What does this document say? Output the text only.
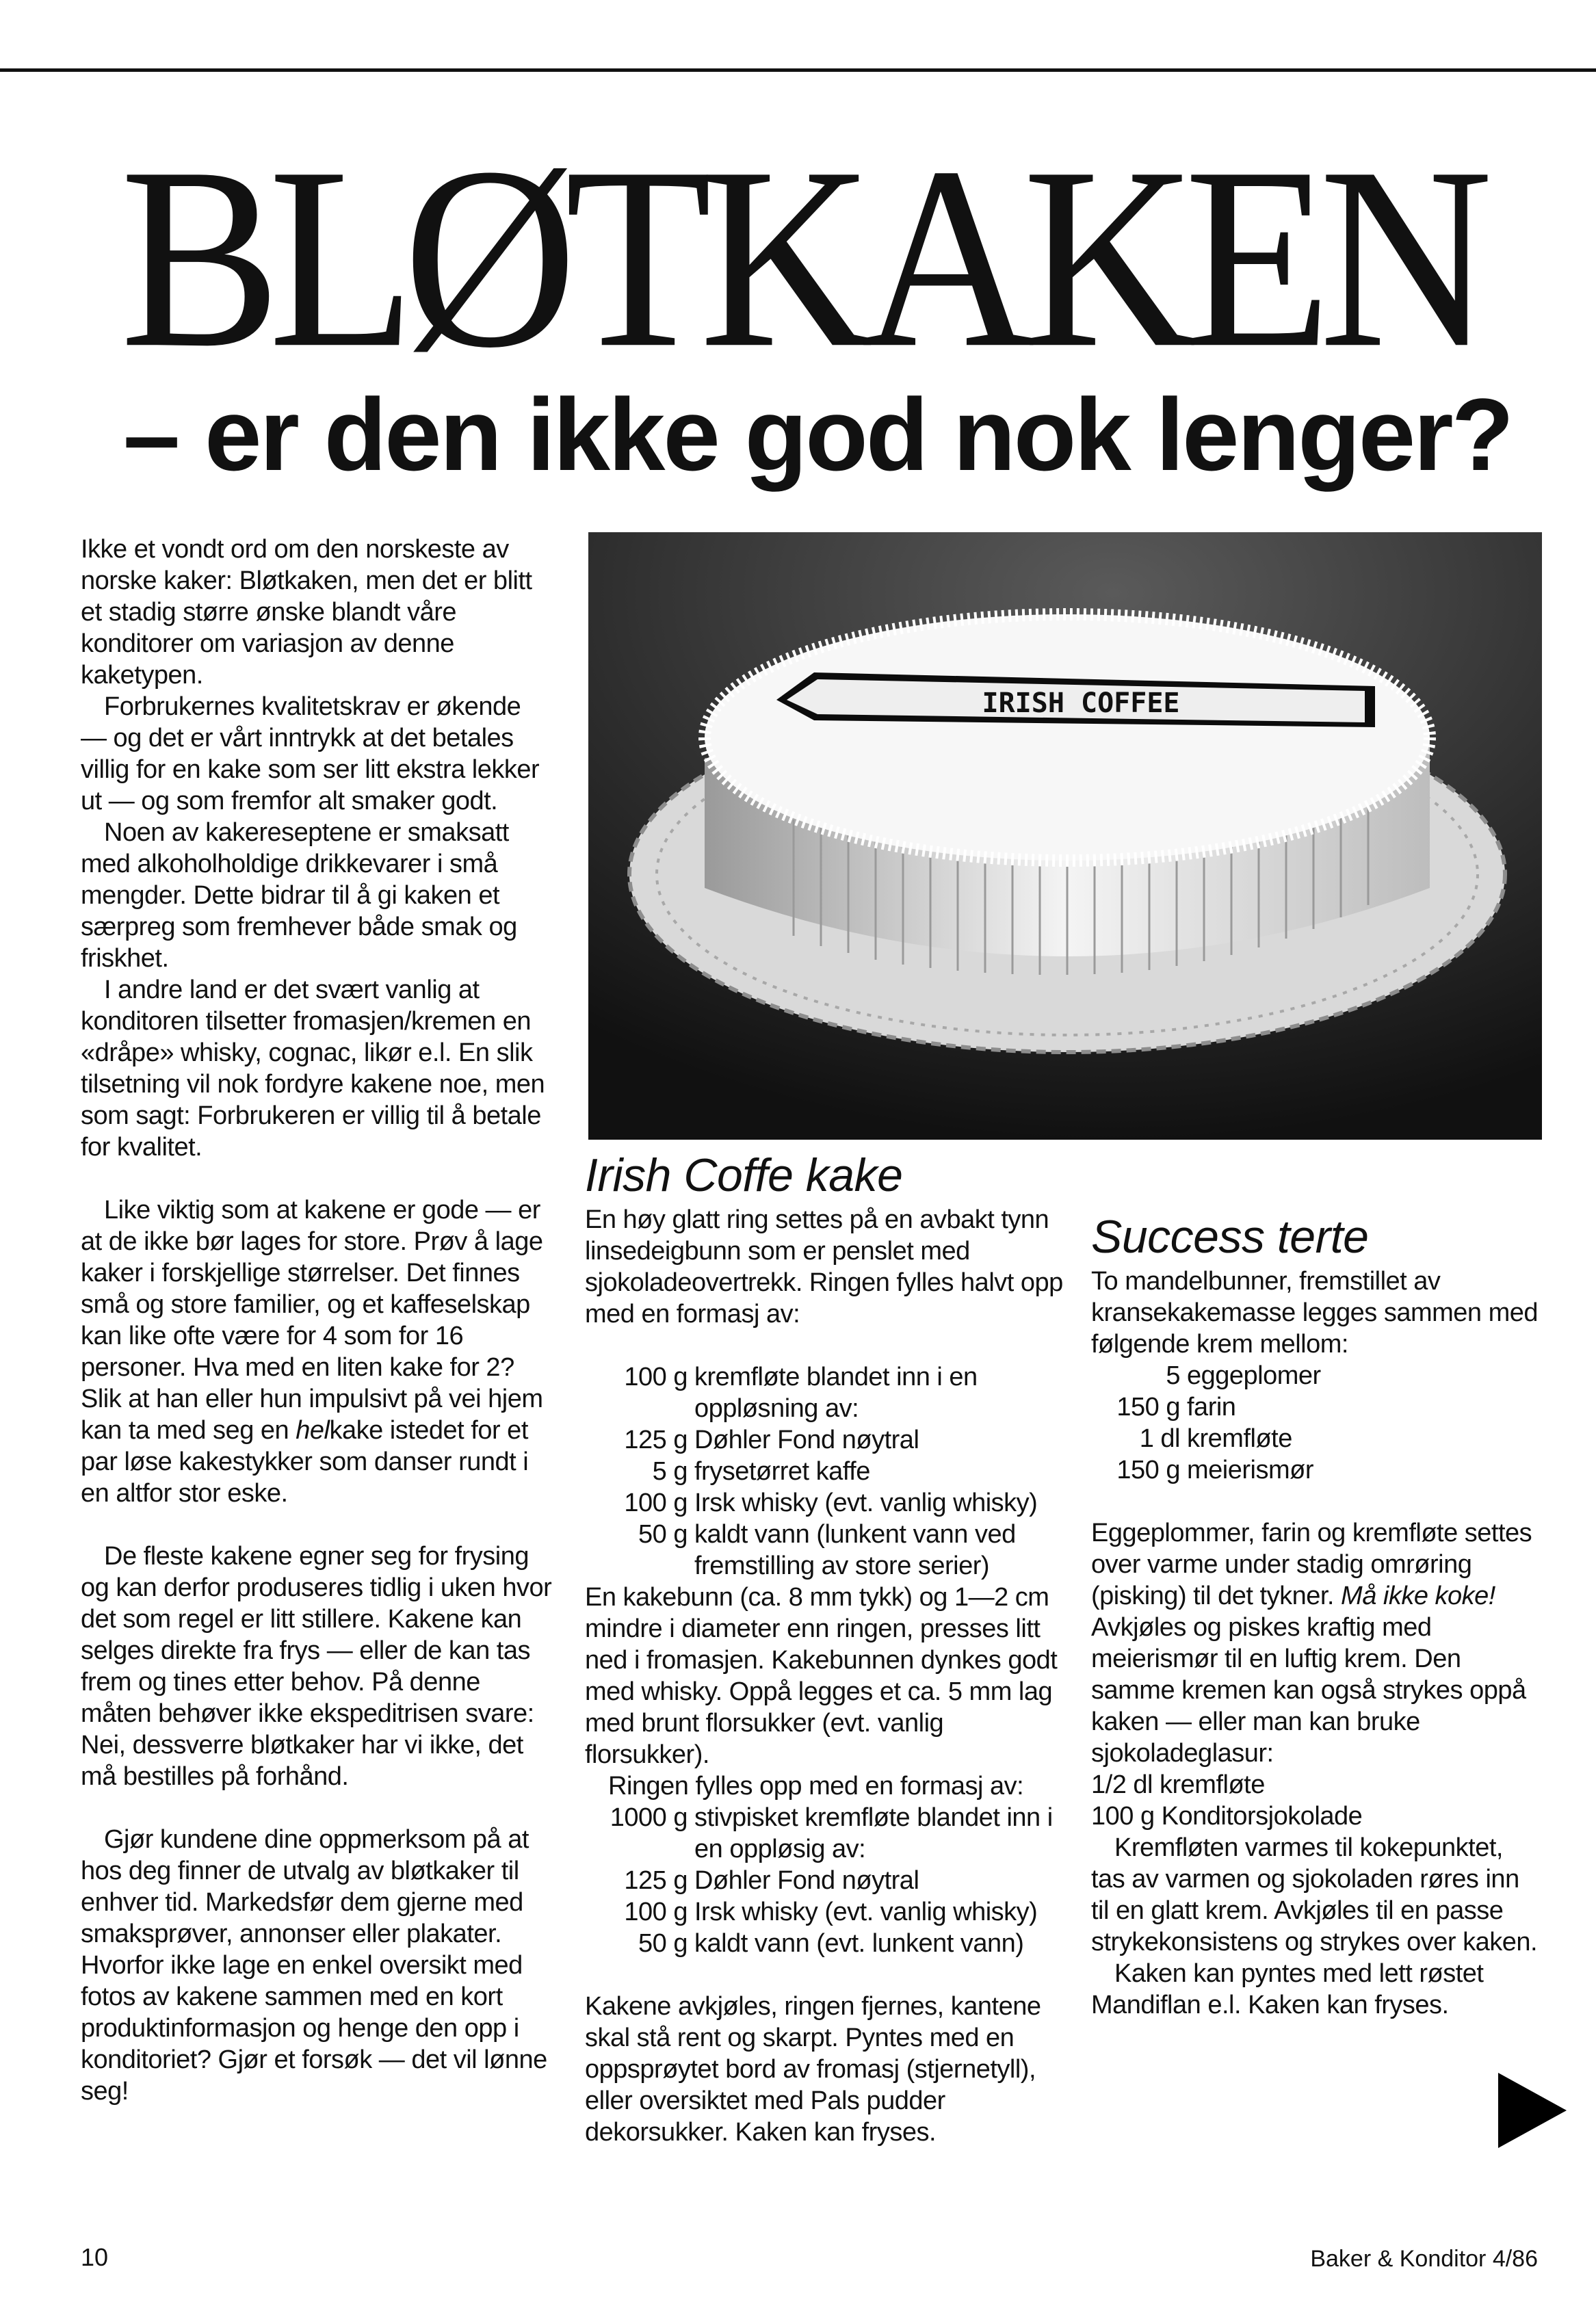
BLØTKAKEN
– er den ikke god nok lenger?

Ikke et vondt ord om den norskeste av norske kaker: Bløtkaken, men det er blitt et stadig større ønske blandt våre konditorer om variasjon av denne kaketypen.

Forbrukernes kvalitetskrav er økende — og det er vårt inntrykk at det betales villig for en kake som ser litt ekstra lekker ut — og som fremfor alt smaker godt.

Noen av kakereseptene er smaksatt med alkoholholdige drikkevarer i små mengder. Dette bidrar til å gi kaken et særpreg som fremhever både smak og friskhet.

I andre land er det svært vanlig at konditoren tilsetter fromasjen/kremen en «dråpe» whisky, cognac, likør e.l. En slik tilsetning vil nok fordyre kakene noe, men som sagt: Forbrukeren er villig til å betale for kvalitet.

Like viktig som at kakene er gode — er at de ikke bør lages for store. Prøv å lage kaker i forskjellige størrelser. Det finnes små og store familier, og et kaffeselskap kan like ofte være for 4 som for 16 personer. Hva med en liten kake for 2? Slik at han eller hun impulsivt på vei hjem kan ta med seg en helkake istedet for et par løse kakestykker som danser rundt i en altfor stor eske.

De fleste kakene egner seg for frysing og kan derfor produseres tidlig i uken hvor det som regel er litt stillere. Kakene kan selges direkte fra frys — eller de kan tas frem og tines etter behov. På denne måten behøver ikke ekspeditrisen svare: Nei, dessverre bløtkaker har vi ikke, det må bestilles på forhånd.

Gjør kundene dine oppmerksom på at hos deg finner de utvalg av bløtkaker til enhver tid. Markedsfør dem gjerne med smaksprøver, annonser eller plakater. Hvorfor ikke lage en enkel oversikt med fotos av kakene sammen med en kort produktinformasjon og henge den opp i konditoriet? Gjør et forsøk — det vil lønne seg!

IRISH COFFEE
Irish Coffe kake

En høy glatt ring settes på en avbakt tynn linsedeigbunn som er penslet med sjokoladeovertrekk. Ringen fylles halvt opp med en formasj av:

100 g kremfløte blandet inn i en oppløsning av:
125 g Døhler Fond nøytral
5 g frysetørret kaffe
100 g Irsk whisky (evt. vanlig whisky)
50 g kaldt vann (lunkent vann ved fremstilling av store serier)

En kakebunn (ca. 8 mm tykk) og 1—2 cm mindre i diameter enn ringen, presses litt ned i fromasjen. Kakebunnen dynkes godt med whisky. Oppå legges et ca. 5 mm lag med brunt florsukker (evt. vanlig florsukker).

Ringen fylles opp med en formasj av:

1000 g stivpisket kremfløte blandet inn i en oppløsig av:
125 g Døhler Fond nøytral
100 g Irsk whisky (evt. vanlig whisky)
50 g kaldt vann (evt. lunkent vann)

Kakene avkjøles, ringen fjernes, kantene skal stå rent og skarpt. Pyntes med en oppsprøytet bord av fromasj (stjernetyll), eller oversiktet med Pals pudder dekorsukker. Kaken kan fryses.

Success terte

To mandelbunner, fremstillet av kransekakemasse legges sammen med følgende krem mellom:

5 eggeplomer
150 g farin
1 dl kremfløte
150 g meierismør

Eggeplommer, farin og kremfløte settes over varme under stadig omrøring (pisking) til det tykner. Må ikke koke! Avkjøles og piskes kraftig med meierismør til en luftig krem. Den samme kremen kan også strykes oppå kaken — eller man kan bruke sjokoladeglasur:

1/2 dl kremfløte

100 g Konditorsjokolade

Kremfløten varmes til kokepunktet, tas av varmen og sjokoladen røres inn til en glatt krem. Avkjøles til en passe strykekonsistens og strykes over kaken.

Kaken kan pyntes med lett røstet Mandiflan e.l. Kaken kan fryses.

10	Baker & Konditor 4/86
